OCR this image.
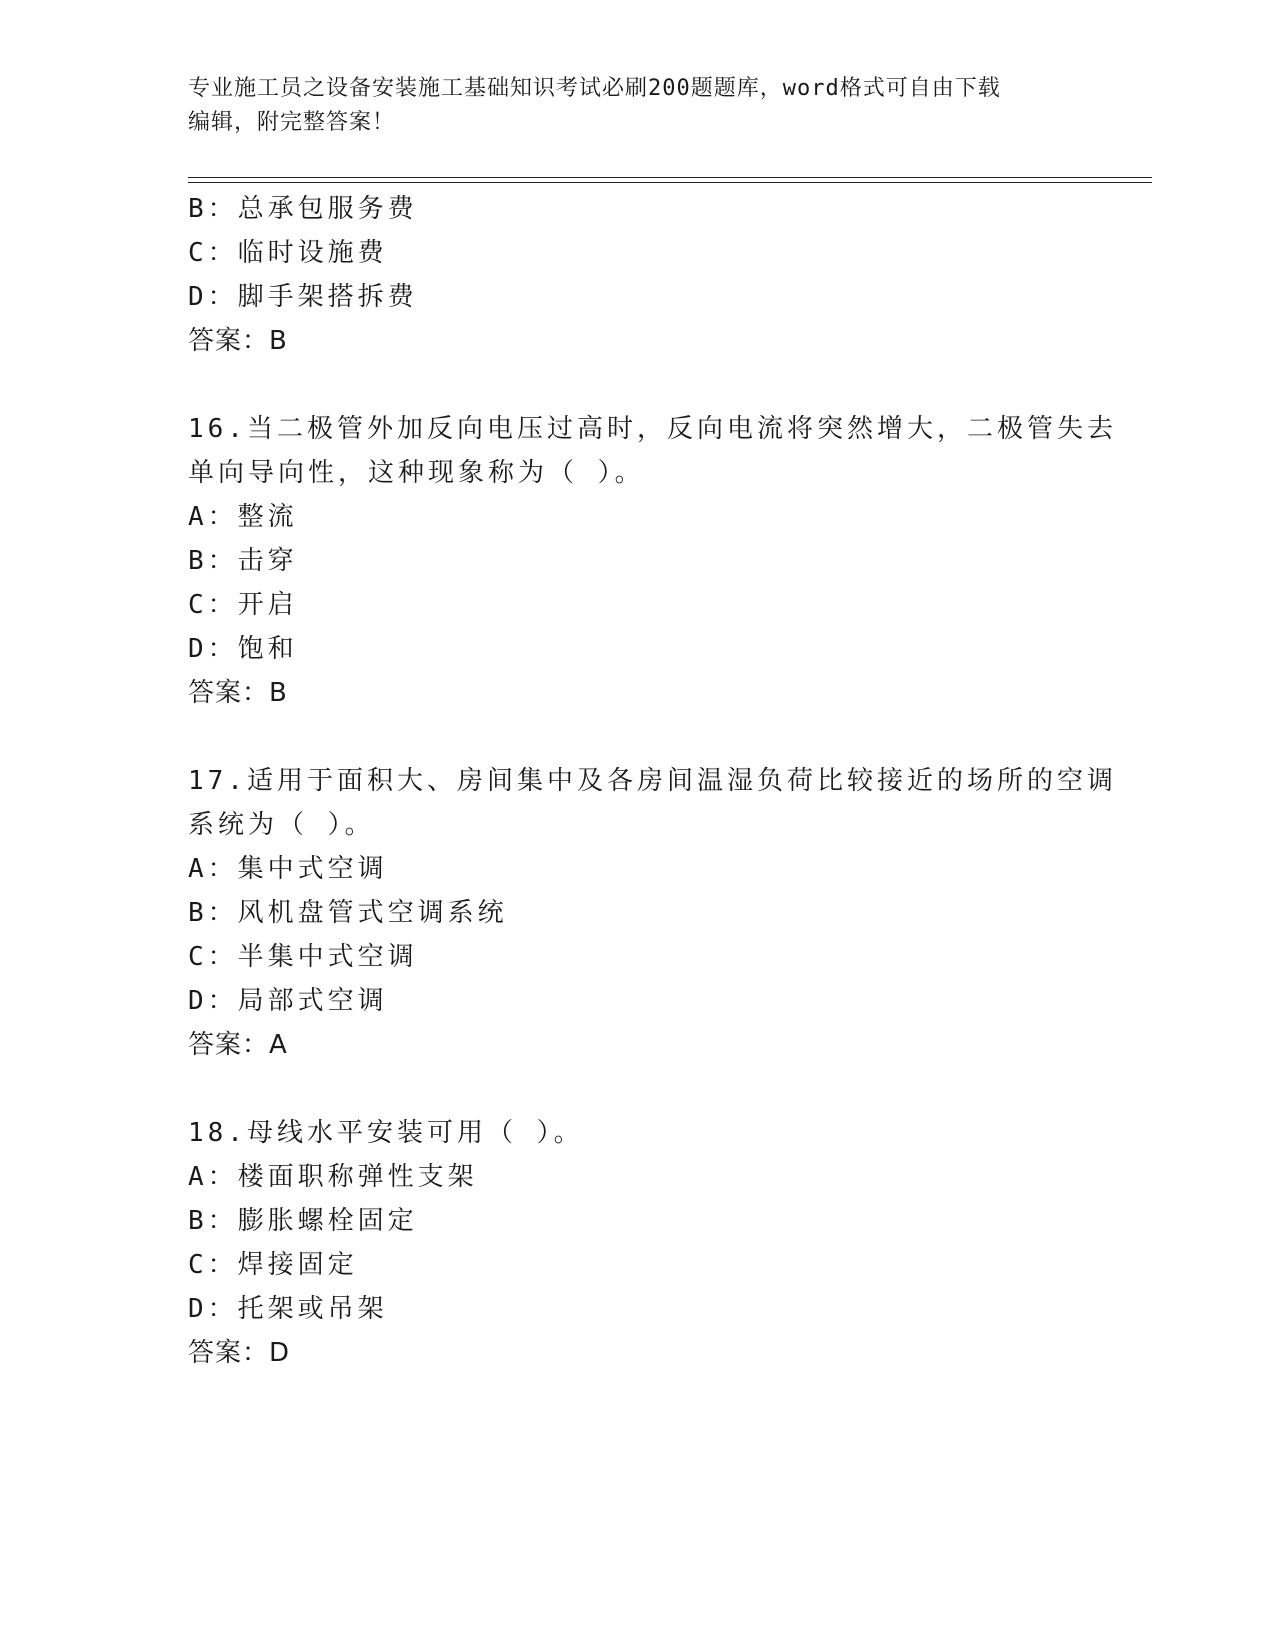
专业施工员之设备安装施工基础知识考试必刷200题题库，word格式可自由下载
编辑，附完整答案！
B：总承包服务费
C：临时设施费
D：脚手架搭拆费
答案：B
16.当二极管外加反向电压过高时，反向电流将突然增大，二极管失去
单向导向性，这种现象称为（ ）。
A：整流
B：击穿
C：开启
D：饱和
答案：B
17.适用于面积大、房间集中及各房间温湿负荷比较接近的场所的空调
系统为（ ）。
A：集中式空调
B：风机盘管式空调系统
C：半集中式空调
D：局部式空调
答案：A
18.母线水平安装可用（ ）。
A：楼面职称弹性支架
B：膨胀螺栓固定
C：焊接固定
D：托架或吊架
答案：D
